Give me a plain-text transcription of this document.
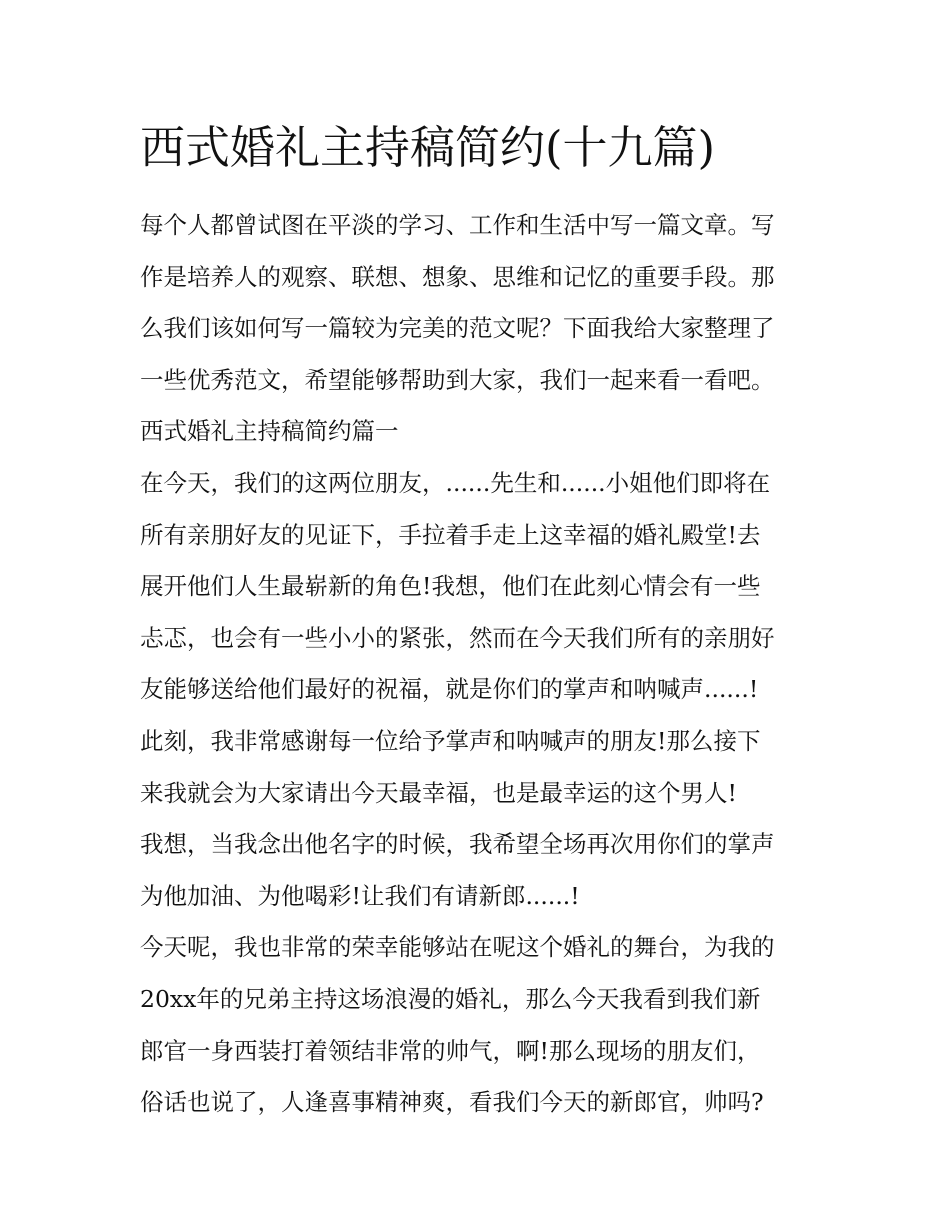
西式婚礼主持稿简约(十九篇)
每个人都曾试图在平淡的学习、工作和生活中写一篇文章。写
作是培养人的观察、联想、想象、思维和记忆的重要手段。那
么我们该如何写一篇较为完美的范文呢？下面我给大家整理了
一些优秀范文，希望能够帮助到大家，我们一起来看一看吧。
西式婚礼主持稿简约篇一
在今天，我们的这两位朋友，......先生和......小姐他们即将在
所有亲朋好友的见证下，手拉着手走上这幸福的婚礼殿堂!去
展开他们人生最崭新的角色!我想，他们在此刻心情会有一些
忐忑，也会有一些小小的紧张，然而在今天我们所有的亲朋好
友能够送给他们最好的祝福，就是你们的掌声和呐喊声......!
此刻，我非常感谢每一位给予掌声和呐喊声的朋友!那么接下
来我就会为大家请出今天最幸福，也是最幸运的这个男人!
我想，当我念出他名字的时候，我希望全场再次用你们的掌声
为他加油、为他喝彩!让我们有请新郎......!
今天呢，我也非常的荣幸能够站在呢这个婚礼的舞台，为我的
20xx年的兄弟主持这场浪漫的婚礼，那么今天我看到我们新
郎官一身西装打着领结非常的帅气，啊!那么现场的朋友们，
俗话也说了，人逢喜事精神爽，看我们今天的新郎官，帅吗?
